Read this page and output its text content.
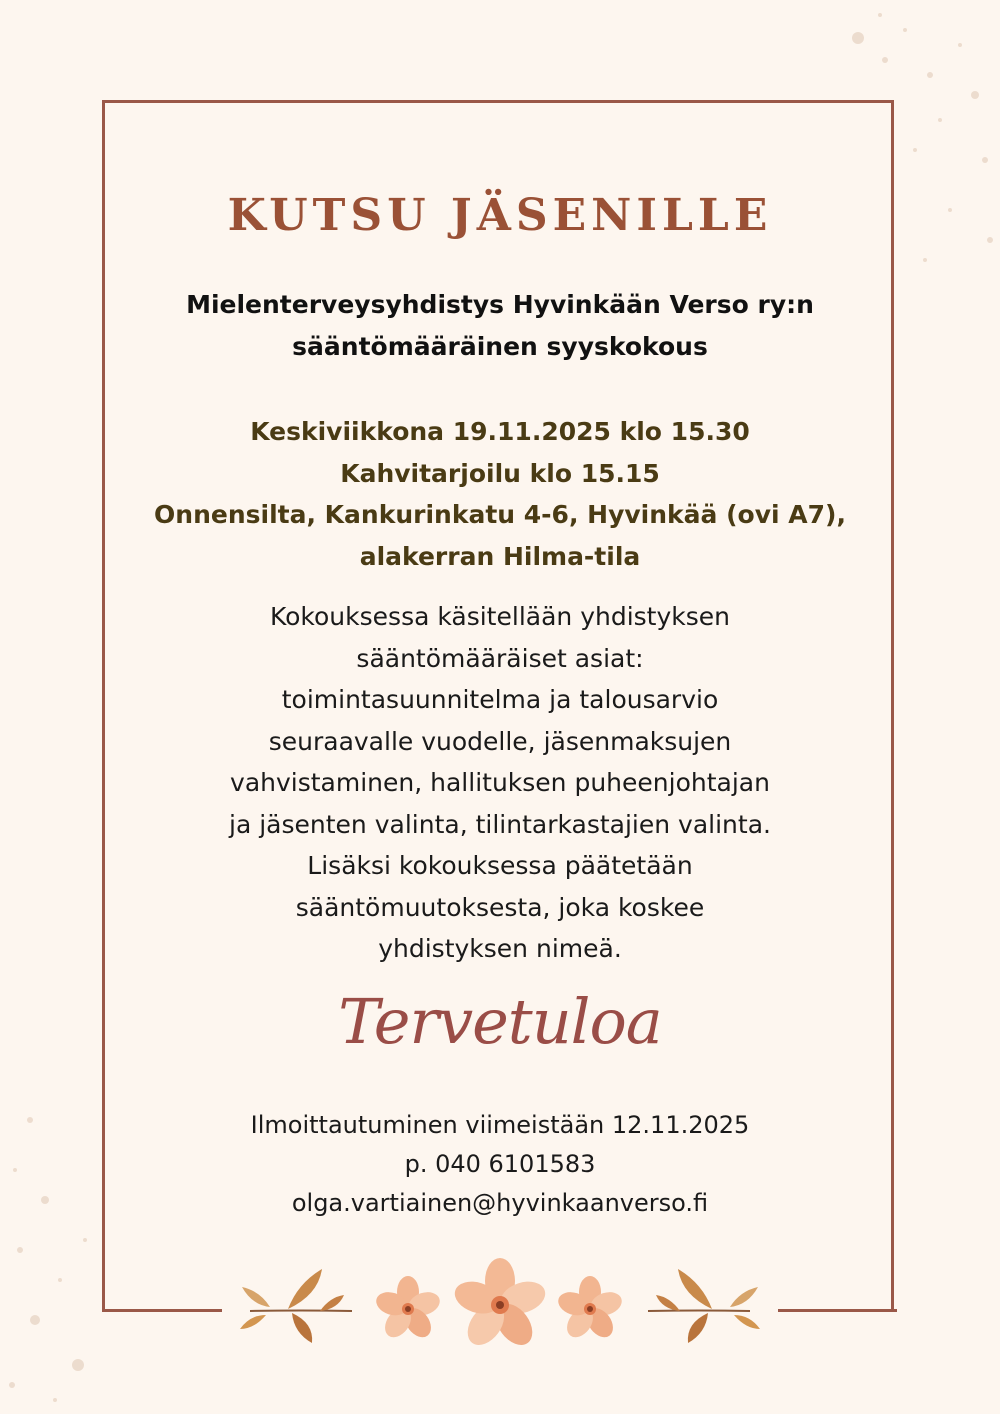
KUTSU JÄSENILLE
Mielenterveysyhdistys Hyvinkään Verso ry:n
sääntömääräinen syyskokous
Keskiviikkona 19.11.2025 klo 15.30
Kahvitarjoilu klo 15.15
Onnensilta, Kankurinkatu 4-6, Hyvinkää (ovi A7),
alakerran Hilma-tila
Kokouksessa käsitellään yhdistyksen
sääntömääräiset asiat:
toimintasuunnitelma ja talousarvio
seuraavalle vuodelle, jäsenmaksujen
vahvistaminen, hallituksen puheenjohtajan
ja jäsenten valinta, tilintarkastajien valinta.
Lisäksi kokouksessa päätetään
sääntömuutoksesta, joka koskee
yhdistyksen nimeä.
Tervetuloa
Ilmoittautuminen viimeistään 12.11.2025
p. 040 6101583
olga.vartiainen@hyvinkaanverso.fi
